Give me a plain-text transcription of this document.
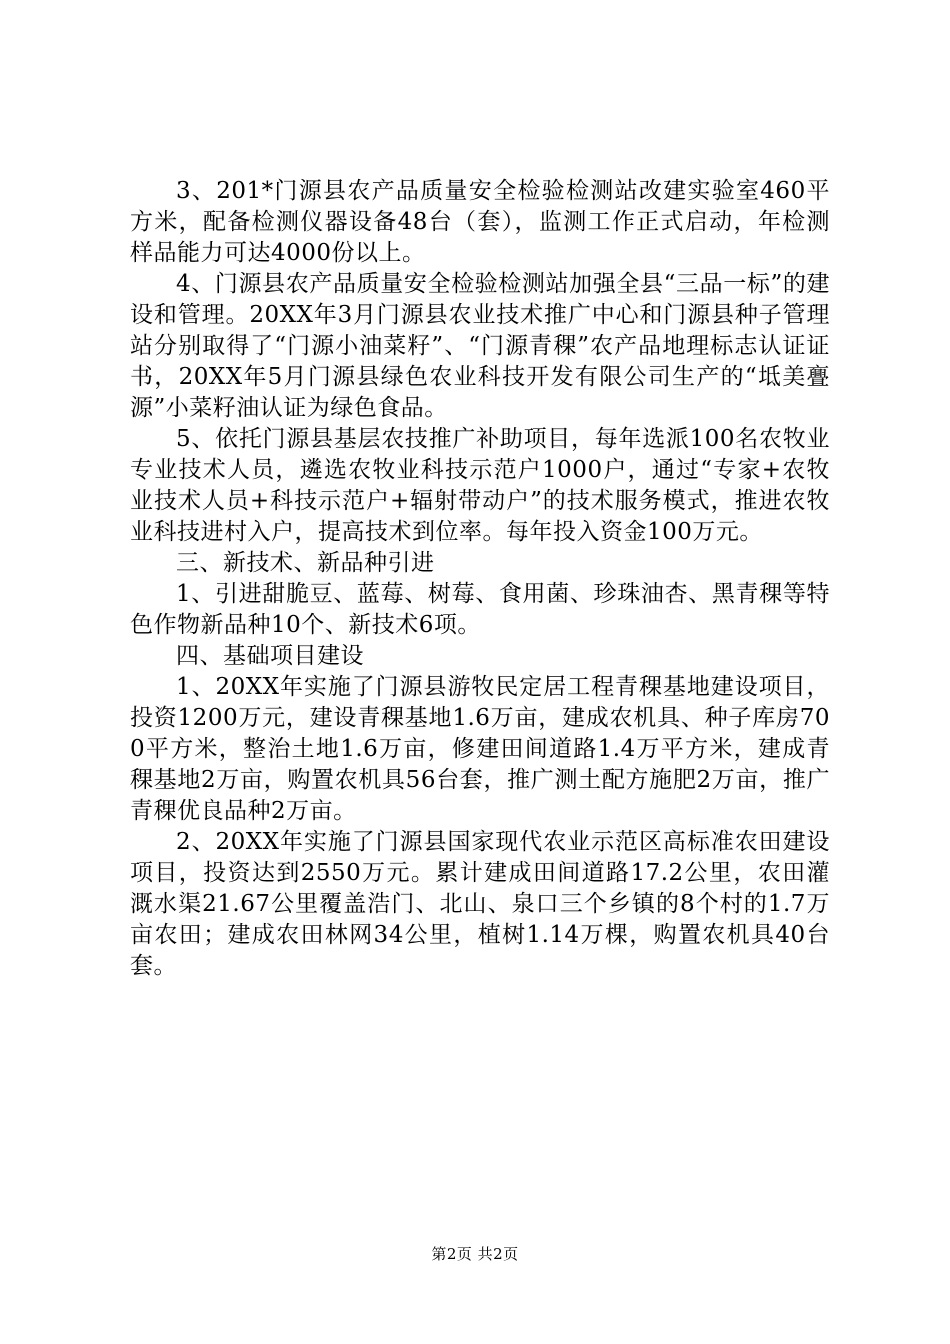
3、201*门源县农产品质量安全检验检测站改建实验室460平方米，配备检测仪器设备48台（套），监测工作正式启动，年检测样品能力可达4000份以上。

4、门源县农产品质量安全检验检测站加强全县“三品一标”的建设和管理。20XX年3月门源县农业技术推广中心和门源县种子管理站分别取得了“门源小油菜籽”、“门源青稞”农产品地理标志认证证书，20XX年5月门源县绿色农业科技开发有限公司生产的“坻美亹源”小菜籽油认证为绿色食品。

5、依托门源县基层农技推广补助项目，每年选派100名农牧业专业技术人员，遴选农牧业科技示范户1000户，通过“专家+农牧业技术人员+科技示范户+辐射带动户”的技术服务模式，推进农牧业科技进村入户，提高技术到位率。每年投入资金100万元。

三、新技术、新品种引进

1、引进甜脆豆、蓝莓、树莓、食用菌、珍珠油杏、黑青稞等特色作物新品种10个、新技术6项。

四、基础项目建设

1、20XX年实施了门源县游牧民定居工程青稞基地建设项目，投资1200万元，建设青稞基地1.6万亩，建成农机具、种子库房700平方米，整治土地1.6万亩，修建田间道路1.4万平方米，建成青稞基地2万亩，购置农机具56台套，推广测土配方施肥2万亩，推广青稞优良品种2万亩。

2、20XX年实施了门源县国家现代农业示范区高标准农田建设项目，投资达到2550万元。累计建成田间道路17.2公里，农田灌溉水渠21.67公里覆盖浩门、北山、泉口三个乡镇的8个村的1.7万亩农田；建成农田林网34公里，植树1.14万棵，购置农机具40台套。

第2页 共2页
